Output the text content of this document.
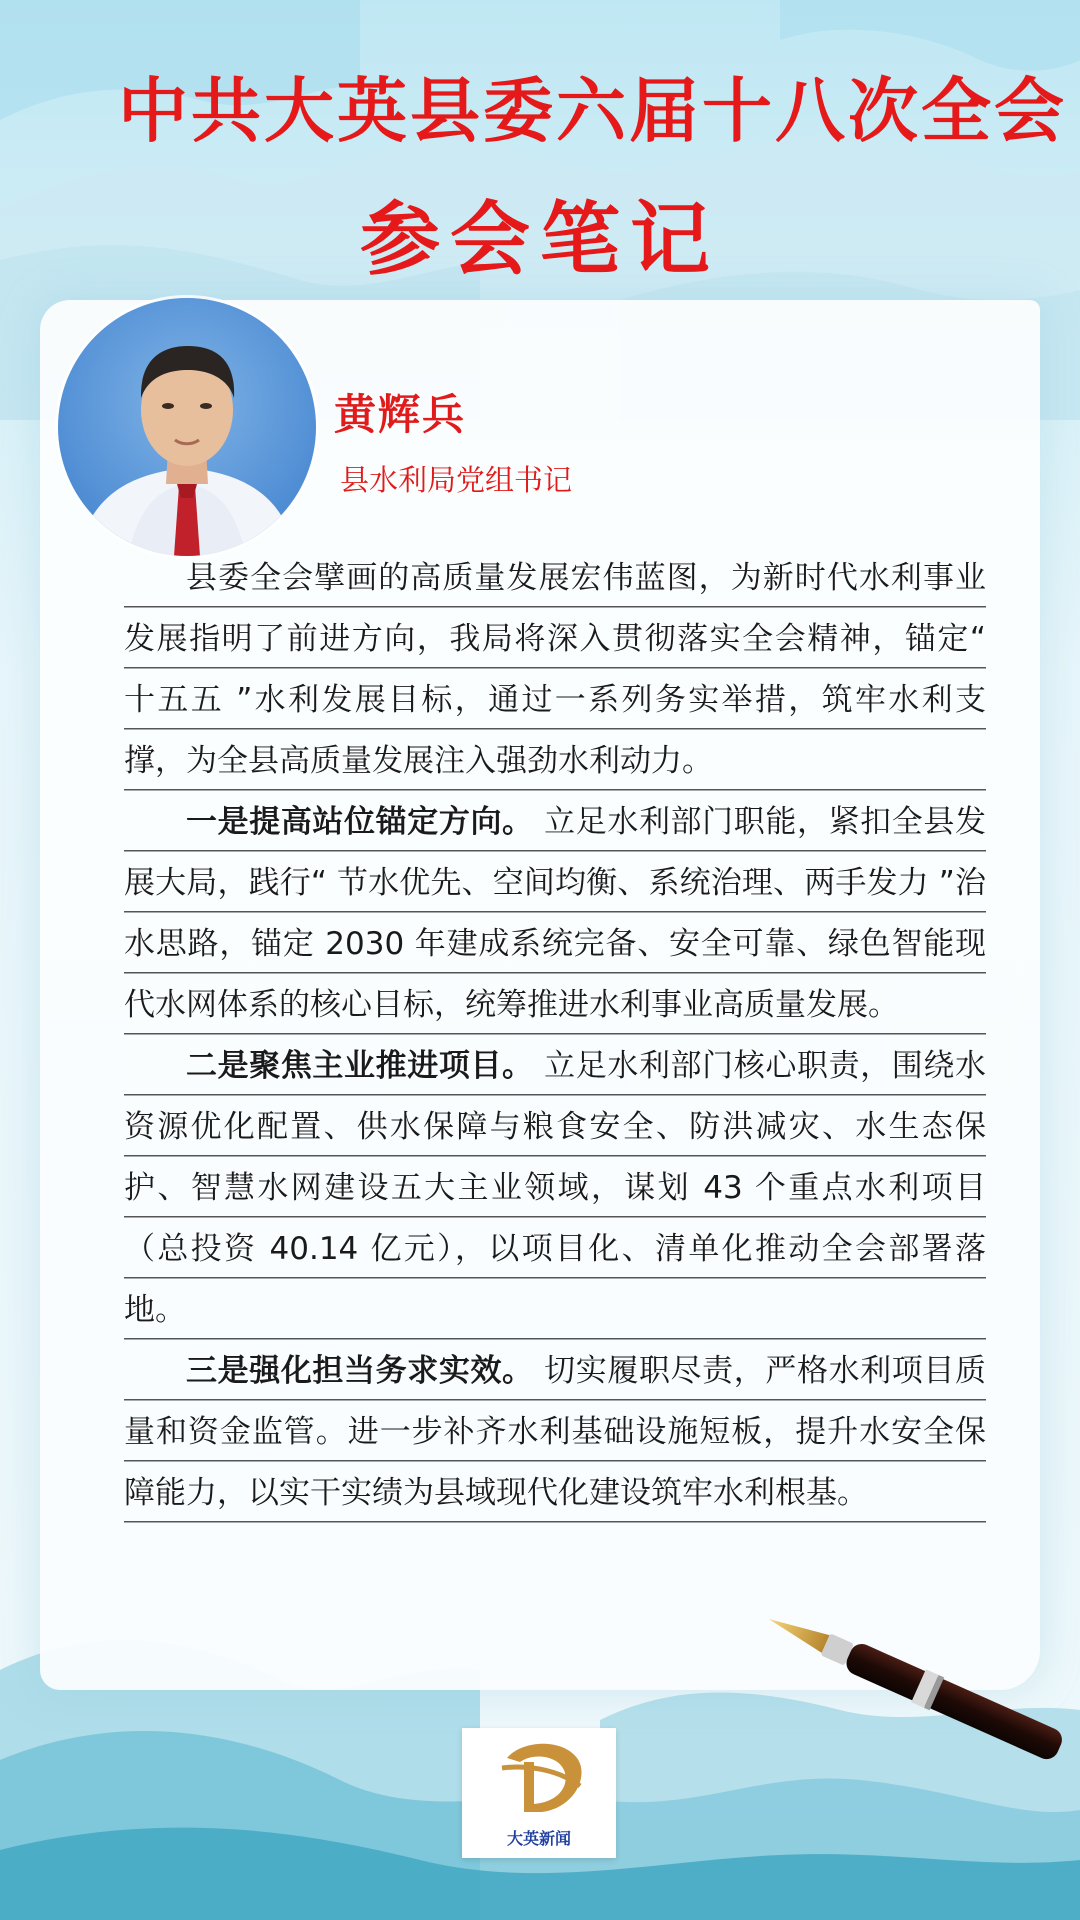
中共大英县委六届十八次全会
参会笔记
黄辉兵
县水利局党组书记

县委全会擘画的高质量发展宏伟蓝图，为新时代水利事业发展指明了前进方向，我局将深入贯彻落实全会精神，锚定“ 十五五 ”水利发展目标，通过一系列务实举措，筑牢水利支撑，为全县高质量发展注入强劲水利动力。

一是提高站位锚定方向。 立足水利部门职能，紧扣全县发展大局，践行“ 节水优先、空间均衡、系统治理、两手发力 ”治水思路，锚定 2030 年建成系统完备、安全可靠、绿色智能现代水网体系的核心目标，统筹推进水利事业高质量发展。

二是聚焦主业推进项目。 立足水利部门核心职责，围绕水资源优化配置、供水保障与粮食安全、防洪减灾、水生态保护、智慧水网建设五大主业领域，谋划 43 个重点水利项目（总投资 40.14 亿元），以项目化、清单化推动全会部署落地。

三是强化担当务求实效。 切实履职尽责，严格水利项目质量和资金监管。进一步补齐水利基础设施短板，提升水安全保障能力，以实干实绩为县域现代化建设筑牢水利根基。

大英新闻
